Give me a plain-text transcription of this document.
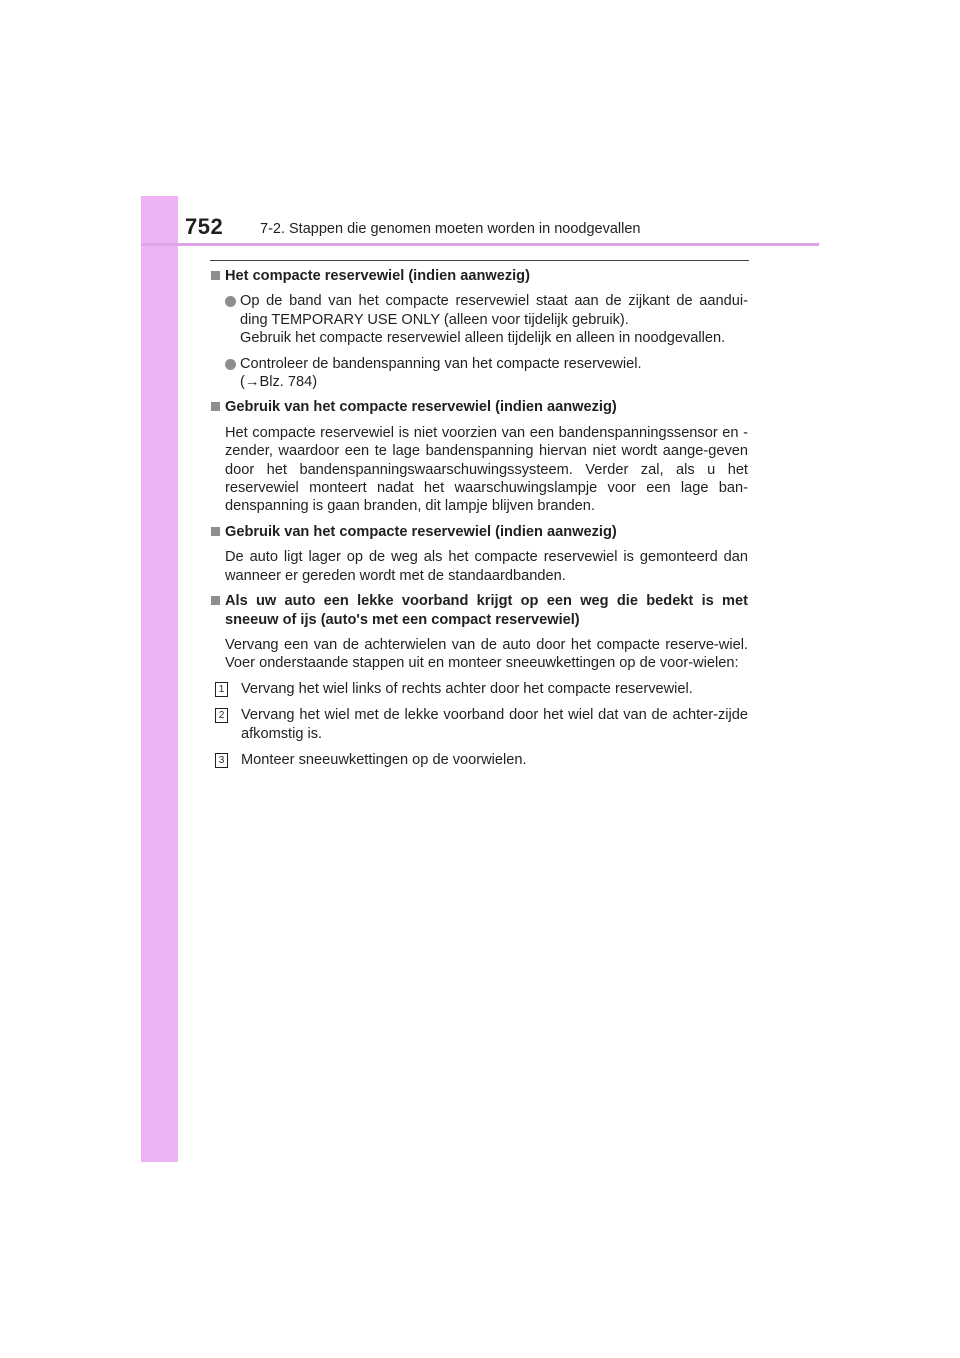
752	7-2. Stappen die genomen moeten worden in noodgevallen
Het compacte reservewiel (indien aanwezig)
Op de band van het compacte reservewiel staat aan de zijkant de aandui-
ding TEMPORARY USE ONLY (alleen voor tijdelijk gebruik).
Gebruik het compacte reservewiel alleen tijdelijk en alleen in noodgevallen.
Controleer de bandenspanning van het compacte reservewiel.
(→Blz. 784)
Gebruik van het compacte reservewiel (indien aanwezig)
Het compacte reservewiel is niet voorzien van een bandenspanningssensor en -zender, waardoor een te lage bandenspanning hiervan niet wordt aange-geven door het bandenspanningswaarschuwingssysteem. Verder zal, als u het reservewiel monteert nadat het waarschuwingslampje voor een lage ban-denspanning is gaan branden, dit lampje blijven branden.
Gebruik van het compacte reservewiel (indien aanwezig)
De auto ligt lager op de weg als het compacte reservewiel is gemonteerd dan wanneer er gereden wordt met de standaardbanden.
Als uw auto een lekke voorband krijgt op een weg die bedekt is met sneeuw of ijs (auto's met een compact reservewiel)
Vervang een van de achterwielen van de auto door het compacte reserve-wiel. Voer onderstaande stappen uit en monteer sneeuwkettingen op de voor-wielen:
1 Vervang het wiel links of rechts achter door het compacte reservewiel.
2 Vervang het wiel met de lekke voorband door het wiel dat van de achter-zijde afkomstig is.
3 Monteer sneeuwkettingen op de voorwielen.
